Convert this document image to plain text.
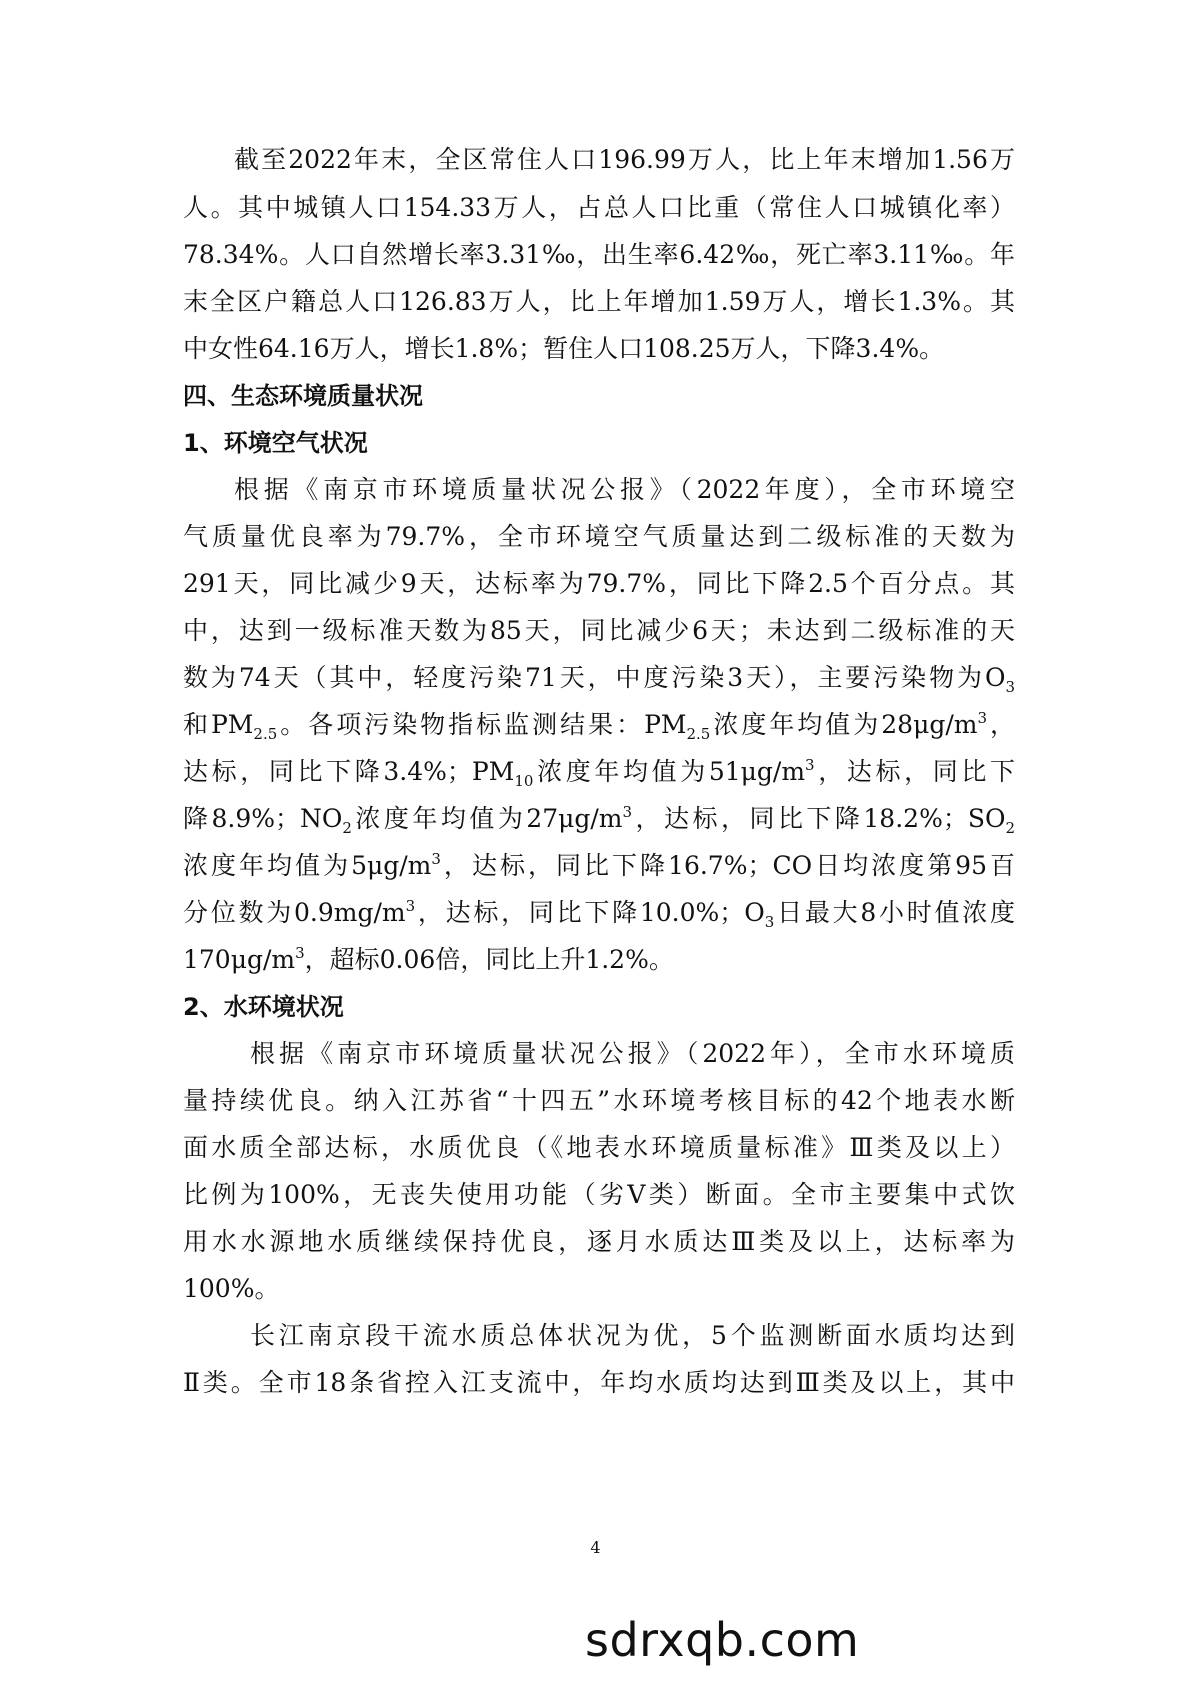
截至2022年末，全区常住人口196.99万人，比上年末增加1.56万
人。其中城镇人口154.33万人，占总人口比重（常住人口城镇化率）
78.34%。人口自然增长率3.31‰，出生率6.42‰，死亡率3.11‰。年
末全区户籍总人口126.83万人，比上年增加1.59万人，增长1.3%。其
中女性64.16万人，增长1.8%；暂住人口108.25万人，下降3.4%。
四、生态环境质量状况
1、环境空气状况
根据《南京市环境质量状况公报》（2022年度），全市环境空
气质量优良率为79.7%，全市环境空气质量达到二级标准的天数为
291天，同比减少9天，达标率为79.7%，同比下降2.5个百分点。其
中，达到一级标准天数为85天，同比减少6天；未达到二级标准的天
数为74天（其中，轻度污染71天，中度污染3天），主要污染物为$O_3$
和$PM_{2.5}$。各项污染物指标监测结果：$PM_{2.5}$浓度年均值为$28\mu g/m^3$，
达标，同比下降3.4%；$PM_{10}$浓度年均值为$51\mu g/m^3$，达标，同比下
降8.9%；$NO_2$浓度年均值为$27\mu g/m^3$，达标，同比下降18.2%；$SO_2$
浓度年均值为$5\mu g/m^3$，达标，同比下降16.7%；CO日均浓度第95百
分位数为$0.9mg/m^3$，达标，同比下降10.0%；$O_3$日最大8小时值浓度
$170\mu g/m^3$，超标0.06倍，同比上升1.2%。
2、水环境状况
根据《南京市环境质量状况公报》（2022年），全市水环境质
量持续优良。纳入江苏省“十四五”水环境考核目标的42个地表水断
面水质全部达标，水质优良（《地表水环境质量标准》Ⅲ类及以上）
比例为100%，无丧失使用功能（劣Ⅴ类）断面。全市主要集中式饮
用水水源地水质继续保持优良，逐月水质达Ⅲ类及以上，达标率为
100%。
长江南京段干流水质总体状况为优，5个监测断面水质均达到
Ⅱ类。全市18条省控入江支流中，年均水质均达到Ⅲ类及以上，其中
4
sdrxqb.com
